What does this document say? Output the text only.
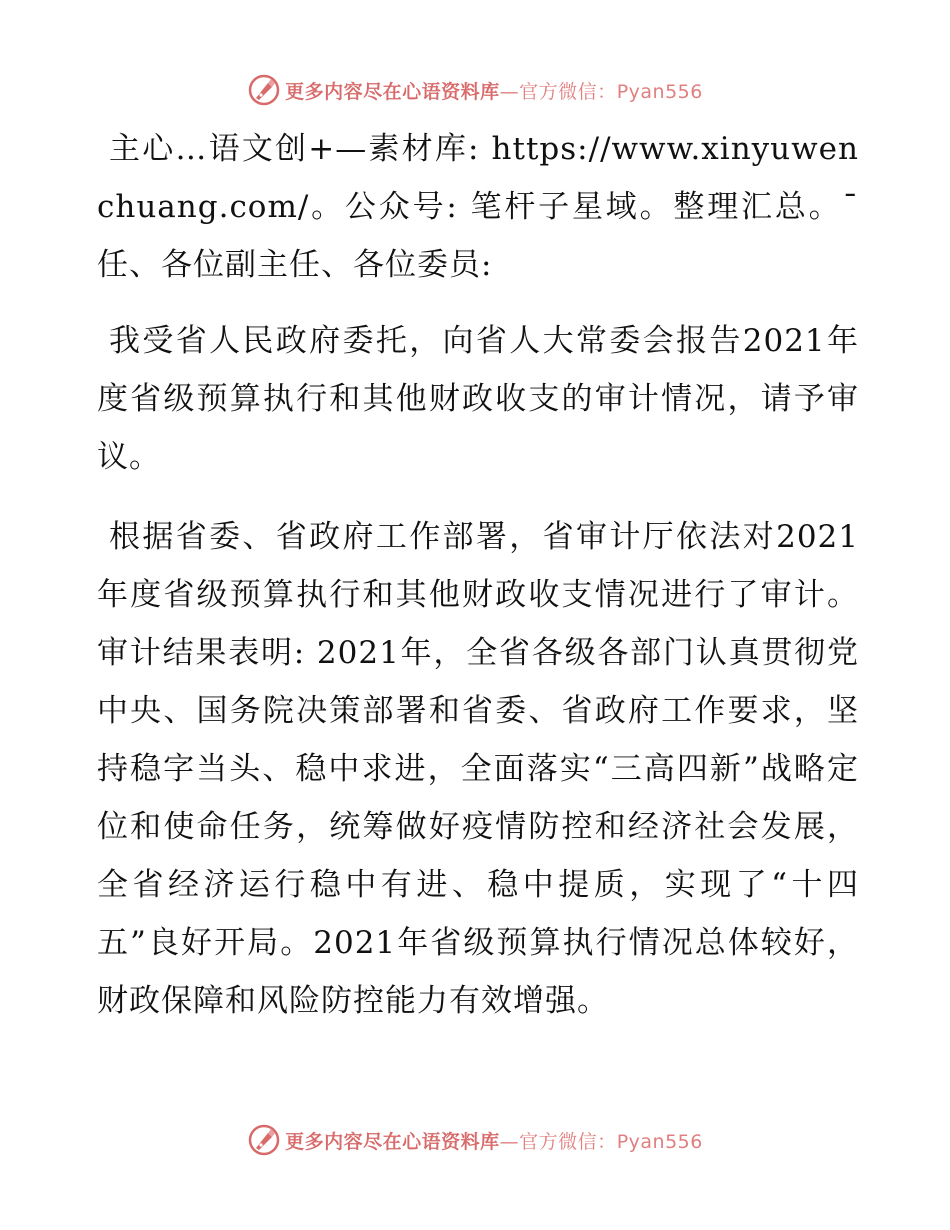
更多内容尽在心语资料库—官方微信：Pyan556

主心…语文创+—素材库: https://www.xinyuwenchuang.com/。公众号: 笔杆子星域。整理汇总。¯任、各位副主任、各位委员:

我受省人民政府委托，向省人大常委会报告2021年度省级预算执行和其他财政收支的审计情况，请予审议。

根据省委、省政府工作部署，省审计厅依法对2021年度省级预算执行和其他财政收支情况进行了审计。审计结果表明: 2021年，全省各级各部门认真贯彻党中央、国务院决策部署和省委、省政府工作要求，坚持稳字当头、稳中求进，全面落实“三高四新”战略定位和使命任务，统筹做好疫情防控和经济社会发展，全省经济运行稳中有进、稳中提质，实现了“十四五”良好开局。2021年省级预算执行情况总体较好，财政保障和风险防控能力有效增强。

更多内容尽在心语资料库—官方微信：Pyan556
